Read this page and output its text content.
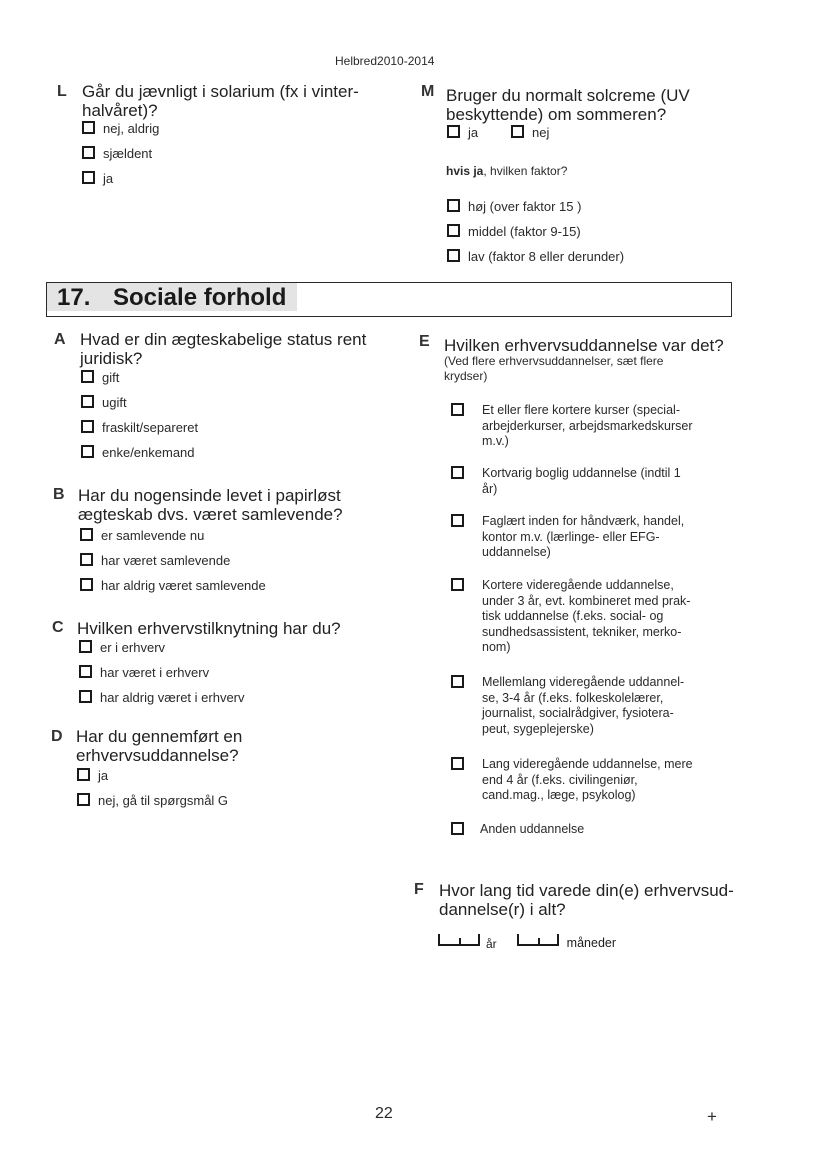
Helbred2010-2014
L Går du jævnligt i solarium (fx i vinter-
halvåret)?
nej, aldrig
sjældent
ja
M Bruger du normalt solcreme (UV
beskyttende) om sommeren?
ja	nej
hvis ja, hvilken faktor?
høj (over faktor 15 )
middel (faktor 9-15)
lav (faktor 8 eller derunder)
17. Sociale forhold
A Hvad er din ægteskabelige status rent
juridisk?
gift
ugift
fraskilt/separeret
enke/enkemand
B Har du nogensinde levet i papirløst
ægteskab dvs. været samlevende?
er samlevende nu
har været samlevende
har aldrig været samlevende
C Hvilken erhvervstilknytning har du?
er i erhverv
har været i erhverv
har aldrig været i erhverv
D Har du gennemført en
erhvervsuddannelse?
ja
nej, gå til spørgsmål G
E Hvilken erhvervsuddannelse var det?
(Ved flere erhvervsuddannelser, sæt flere
krydser)
Et eller flere kortere kurser (special-
arbejderkurser, arbejdsmarkedskurser
m.v.)
Kortvarig boglig uddannelse (indtil 1
år)
Faglært inden for håndværk, handel,
kontor m.v. (lærlinge- eller EFG-
uddannelse)
Kortere videregående uddannelse,
under 3 år, evt. kombineret med prak-
tisk uddannelse (f.eks. social- og
sundhedsassistent, tekniker, merko-
nom)
Mellemlang videregående uddannel-
se, 3-4 år (f.eks. folkeskolelærer,
journalist, socialrådgiver, fysiotera-
peut, sygeplejerske)
Lang videregående uddannelse, mere
end 4 år (f.eks. civilingeniør,
cand.mag., læge, psykolog)
Anden uddannelse
F Hvor lang tid varede din(e) erhvervsud-
dannelse(r) i alt?
år	måneder
22	+
